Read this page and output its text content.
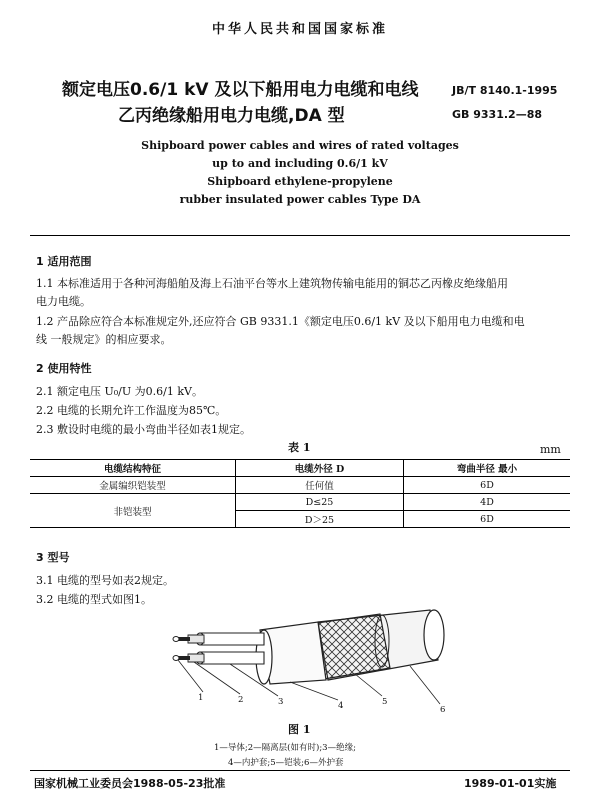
中华人民共和国国家标准
额定电压0.6/1 kV 及以下船用电力电缆和电线
乙丙绝缘船用电力电缆,DA 型
JB/T 8140.1-1995
GB 9331.2—88
Shipboard power cables and wires of rated voltages
up to and including 0.6/1 kV
Shipboard ethylene-propylene
rubber insulated power cables Type DA
1 适用范围
1.1 本标准适用于各种河海船舶及海上石油平台等水上建筑物传输电能用的铜芯乙丙橡皮绝缘船用
电力电缆。
1.2 产品除应符合本标准规定外,还应符合 GB 9331.1《额定电压0.6/1 kV 及以下船用电力电缆和电
线 一般规定》的相应要求。
2 使用特性
2.1 额定电压 U₀/U 为0.6/1 kV。
2.2 电缆的长期允许工作温度为85℃。
2.3 敷设时电缆的最小弯曲半径如表1规定。
表 1	mm
电缆结构特征	电缆外径 D	弯曲半径 最小
金属编织铠装型	任何值	6D
非铠装型	D≤25	4D
	D＞25	6D
3 型号
3.1 电缆的型号如表2规定。
3.2 电缆的型式如图1。
1	2	3	4	5
6
图 1
1—导体;2—隔离层(如有时);3—绝缘;
4—内护套;5—铠装;6—外护套
国家机械工业委员会1988-05-23批准	1989-01-01实施
